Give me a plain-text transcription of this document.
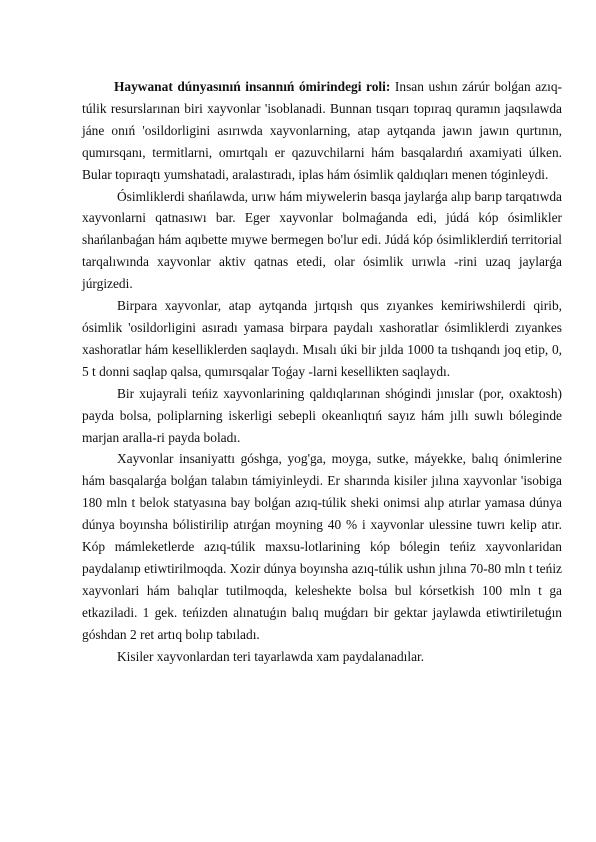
Haywanat dúnyasınıń insannıń ómirindegi roli: Insan ushın zárúr bolǵan azıq-túlik resurslarınan biri xayvonlar 'isoblanadi. Bunnan tısqarı topıraq quramın jaqsılawda jáne onıń 'osildorligini asırıwda xayvonlarning, atap aytqanda jawın jawın qurtının, qumırsqanı, termitlarni, omırtqalı er qazuvchilarni hám basqalardıń axamiyati úlken. Bular topıraqtı yumshatadi, aralastıradı, iplas hám ósimlik qaldıqları menen tóginleydi.

Ósimliklerdi shańlawda, urıw hám miywelerin basqa jaylarǵa alıp barıp tarqatıwda xayvonlarni qatnasıwı bar. Eger xayvonlar bolmaǵanda edi, júdá kóp ósimlikler shańlanbaǵan hám aqıbette mıywe bermegen bo'lur edi. Júdá kóp ósimliklerdiń territorial tarqalıwında xayvonlar aktiv qatnas etedi, olar ósimlik urıwla -rini uzaq jaylarǵa júrgizedi.

Birpara xayvonlar, atap aytqanda jırtqısh qus zıyankes kemiriwshilerdi qirib, ósimlik 'osildorligini asıradı yamasa birpara paydalı xashoratlar ósimliklerdi zıyankes xashoratlar hám keselliklerden saqlaydı. Mısalı úki bir jılda 1000 ta tıshqandı joq etip, 0, 5 t donni saqlap qalsa, qumırsqalar Toǵay -larni kesellikten saqlaydı.

Bir xujayrali teńiz xayvonlarining qaldıqlarınan shógindi jınıslar (por, oxaktosh) payda bolsa, poliplarning iskerligi sebepli okeanlıqtıń sayız hám jıllı suwlı bóleginde marjan aralla-ri payda boladı.

Xayvonlar insaniyattı góshga, yog'ga, moyga, sutke, máyekke, balıq ónimlerine hám basqalarǵa bolǵan talabın támiyinleydi. Er sharında kisiler jılına xayvonlar 'isobiga 180 mln t belok statyasına bay bolǵan azıq-túlik sheki onimsi alıp atırlar yamasa dúnya dúnya boyınsha bólistirilip atırǵan moyning 40 % i xayvonlar ulessine tuwrı kelip atır. Kóp mámleketlerde azıq-túlik maxsu-lotlarining kóp bólegin teńiz xayvonlaridan paydalanıp etiwtirilmoqda. Xozir dúnya boyınsha azıq-túlik ushın jılına 70-80 mln t teńiz xayvonlari hám balıqlar tutilmoqda, keleshekte bolsa bul kórsetkish 100 mln t ga etkaziladi. 1 gek. teńizden alınatuǵın balıq muǵdarı bir gektar jaylawda etiwtiriletuǵın góshdan 2 ret artıq bolıp tabıladı.

Kisiler xayvonlardan teri tayarlawda xam paydalanadılar.
